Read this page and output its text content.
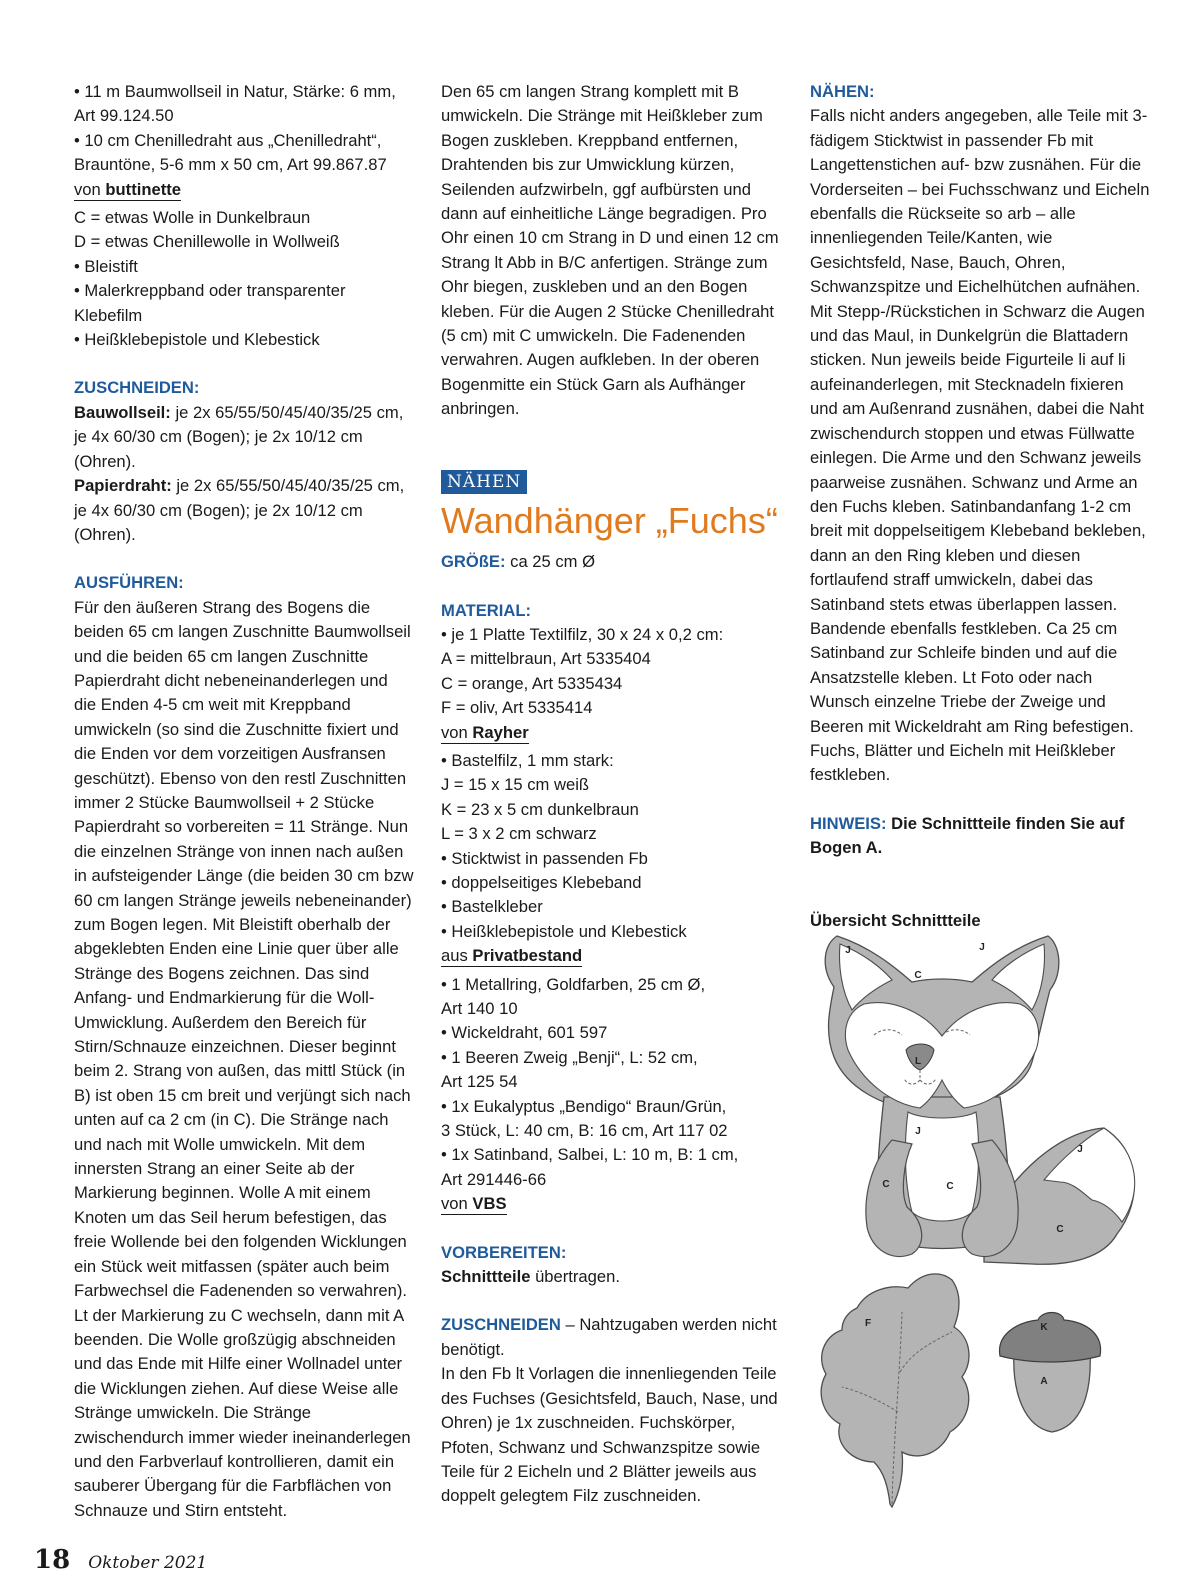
• 11 m Baumwollseil in Natur, Stärke: 6 mm,

Art 99.124.50

• 10 cm Chenilledraht aus „Chenilledraht“,

Brauntöne, 5-6 mm x 50 cm, Art 99.867.87

von buttinette

C = etwas Wolle in Dunkelbraun

D = etwas Chenillewolle in Wollweiß

• Bleistift

• Malerkreppband oder transparenter

Klebefilm

• Heißklebepistole und Klebestick

ZUSCHNEIDEN:

Bauwollseil: je 2x 65/55/50/45/40/35/25 cm, je 4x 60/30 cm (Bogen); je 2x 10/12 cm (Ohren).

Papierdraht: je 2x 65/55/50/45/40/35/25 cm, je 4x 60/30 cm (Bogen); je 2x 10/12 cm (Ohren).

AUSFÜHREN:

Für den äußeren Strang des Bogens die beiden 65 cm langen Zuschnitte Baumwollseil und die beiden 65 cm langen Zuschnitte Papierdraht dicht nebeneinanderlegen und die Enden 4-5 cm weit mit Kreppband umwickeln (so sind die Zuschnitte fixiert und die Enden vor dem vorzeitigen Ausfransen geschützt). Ebenso von den restl Zuschnitten immer 2 Stücke Baumwollseil + 2 Stücke Papierdraht so vorbereiten = 11 Stränge. Nun die einzelnen Stränge von innen nach außen in aufsteigender Länge (die beiden 30 cm bzw 60 cm langen Stränge jeweils nebeneinander) zum Bogen legen. Mit Bleistift oberhalb der abgeklebten Enden eine Linie quer über alle Stränge des Bogens zeichnen. Das sind Anfang- und Endmarkierung für die Woll-Umwicklung. Außerdem den Bereich für Stirn/Schnauze einzeichnen. Dieser beginnt beim 2. Strang von außen, das mittl Stück (in B) ist oben 15 cm breit und verjüngt sich nach unten auf ca 2 cm (in C). Die Stränge nach und nach mit Wolle umwickeln. Mit dem innersten Strang an einer Seite ab der Markierung beginnen. Wolle A mit einem Knoten um das Seil herum befestigen, das freie Wollende bei den folgenden Wicklungen ein Stück weit mitfassen (später auch beim Farbwechsel die Fadenenden so verwahren). Lt der Markierung zu C wechseln, dann mit A beenden. Die Wolle großzügig abschneiden und das Ende mit Hilfe einer Wollnadel unter die Wicklungen ziehen. Auf diese Weise alle Stränge umwickeln. Die Stränge zwischendurch immer wieder ineinanderlegen und den Farbverlauf kontrollieren, damit ein sauberer Übergang für die Farbflächen von Schnauze und Stirn entsteht.

Den 65 cm langen Strang komplett mit B umwickeln. Die Stränge mit Heißkleber zum Bogen zuskleben. Kreppband entfernen, Drahtenden bis zur Umwicklung kürzen, Seilenden aufzwirbeln, ggf aufbürsten und dann auf einheitliche Länge begradigen. Pro Ohr einen 10 cm Strang in D und einen 12 cm Strang lt Abb in B/C anfertigen. Stränge zum Ohr biegen, zuskleben und an den Bogen kleben. Für die Augen 2 Stücke Chenilledraht (5 cm) mit C umwickeln. Die Fadenenden verwahren. Augen aufkleben. In der oberen Bogenmitte ein Stück Garn als Aufhänger anbringen.

NÄHEN
Wandhänger „Fuchs“

GRÖßE: ca 25 cm Ø

MATERIAL:

• je 1 Platte Textilfilz, 30 x 24 x 0,2 cm:

A = mittelbraun, Art 5335404

C = orange, Art 5335434

F = oliv, Art 5335414

von Rayher

• Bastelfilz, 1 mm stark:

J = 15 x 15 cm weiß

K = 23 x 5 cm dunkelbraun

L = 3 x 2 cm schwarz

• Sticktwist in passenden Fb

• doppelseitiges Klebeband

• Bastelkleber

• Heißklebepistole und Klebestick

aus Privatbestand

• 1 Metallring, Goldfarben, 25 cm Ø,

Art 140 10

• Wickeldraht, 601 597

• 1 Beeren Zweig „Benji“, L: 52 cm,

Art 125 54

• 1x Eukalyptus „Bendigo“ Braun/Grün,

3 Stück, L: 40 cm, B: 16 cm, Art 117 02

• 1x Satinband, Salbei, L: 10 m, B: 1 cm,

Art 291446-66

von VBS

VORBEREITEN:

Schnittteile übertragen.

ZUSCHNEIDEN – Nahtzugaben werden nicht benötigt.

In den Fb lt Vorlagen die innenliegenden Teile des Fuchses (Gesichtsfeld, Bauch, Nase, und Ohren) je 1x zuschneiden. Fuchskörper, Pfoten, Schwanz und Schwanzspitze sowie Teile für 2 Eicheln und 2 Blätter jeweils aus doppelt gelegtem Filz zuschneiden.

NÄHEN:

Falls nicht anders angegeben, alle Teile mit 3-fädigem Sticktwist in passender Fb mit Langettenstichen auf- bzw zusnähen. Für die Vorderseiten – bei Fuchsschwanz und Eicheln ebenfalls die Rückseite so arb – alle innenliegenden Teile/Kanten, wie Gesichtsfeld, Nase, Bauch, Ohren, Schwanzspitze und Eichelhütchen aufnähen. Mit Stepp-/Rückstichen in Schwarz die Augen und das Maul, in Dunkelgrün die Blattadern sticken. Nun jeweils beide Figurteile li auf li aufeinanderlegen, mit Stecknadeln fixieren und am Außenrand zusnähen, dabei die Naht zwischendurch stoppen und etwas Füllwatte einlegen. Die Arme und den Schwanz jeweils paarweise zusnähen. Schwanz und Arme an den Fuchs kleben. Satinbandanfang 1-2 cm breit mit doppelseitigem Klebeband bekleben, dann an den Ring kleben und diesen fortlaufend straff umwickeln, dabei das Satinband stets etwas überlappen lassen. Bandende ebenfalls festkleben. Ca 25 cm Satinband zur Schleife binden und auf die Ansatzstelle kleben. Lt Foto oder nach Wunsch einzelne Triebe der Zweige und Beeren mit Wickeldraht am Ring befestigen. Fuchs, Blätter und Eicheln mit Heißkleber festkleben.

HINWEIS: Die Schnittteile finden Sie auf Bogen A.

Übersicht Schnittteile

J	J
C
L
J
C	C
J
C
F	K
A
18 Oktober 2021
